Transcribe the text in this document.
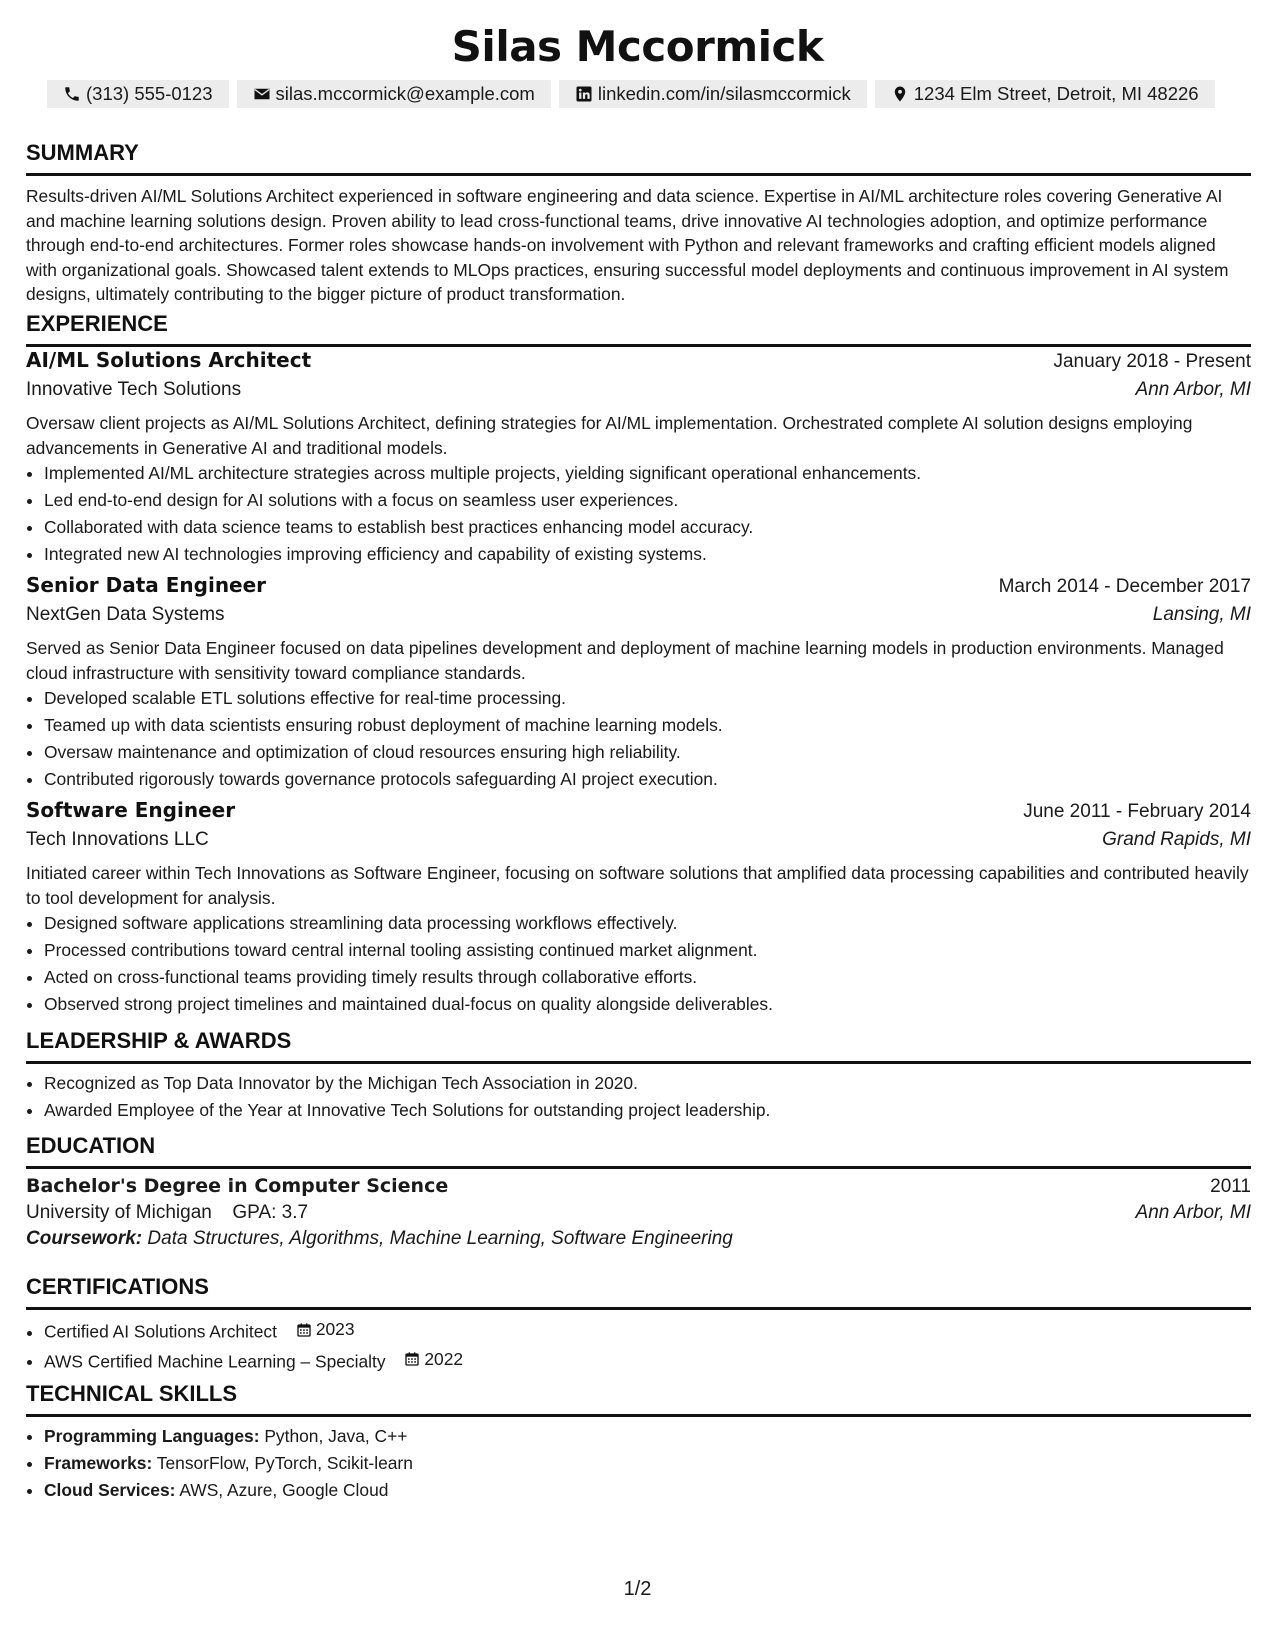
Silas Mccormick
(313) 555-0123	silas.mccormick@example.com	linkedin.com/in/silasmccormick	1234 Elm Street, Detroit, MI 48226
SUMMARY

Results-driven AI/ML Solutions Architect experienced in software engineering and data science. Expertise in AI/ML architecture roles covering Generative AI and machine learning solutions design. Proven ability to lead cross-functional teams, drive innovative AI technologies adoption, and optimize performance through end-to-end architectures. Former roles showcase hands-on involvement with Python and relevant frameworks and crafting efficient models aligned with organizational goals. Showcased talent extends to MLOps practices, ensuring successful model deployments and continuous improvement in AI system designs, ultimately contributing to the bigger picture of product transformation.

EXPERIENCE
AI/ML Solutions Architect	January 2018 - Present
Innovative Tech Solutions	Ann Arbor, MI

Oversaw client projects as AI/ML Solutions Architect, defining strategies for AI/ML implementation. Orchestrated complete AI solution designs employing advancements in Generative AI and traditional models.

• Implemented AI/ML architecture strategies across multiple projects, yielding significant operational enhancements.
• Led end-to-end design for AI solutions with a focus on seamless user experiences.
• Collaborated with data science teams to establish best practices enhancing model accuracy.
• Integrated new AI technologies improving efficiency and capability of existing systems.
Senior Data Engineer	March 2014 - December 2017
NextGen Data Systems	Lansing, MI

Served as Senior Data Engineer focused on data pipelines development and deployment of machine learning models in production environments. Managed cloud infrastructure with sensitivity toward compliance standards.

• Developed scalable ETL solutions effective for real-time processing.
• Teamed up with data scientists ensuring robust deployment of machine learning models.
• Oversaw maintenance and optimization of cloud resources ensuring high reliability.
• Contributed rigorously towards governance protocols safeguarding AI project execution.
Software Engineer	June 2011 - February 2014
Tech Innovations LLC	Grand Rapids, MI

Initiated career within Tech Innovations as Software Engineer, focusing on software solutions that amplified data processing capabilities and contributed heavily to tool development for analysis.

• Designed software applications streamlining data processing workflows effectively.
• Processed contributions toward central internal tooling assisting continued market alignment.
• Acted on cross-functional teams providing timely results through collaborative efforts.
• Observed strong project timelines and maintained dual-focus on quality alongside deliverables.
LEADERSHIP & AWARDS
• Recognized as Top Data Innovator by the Michigan Tech Association in 2020.
• Awarded Employee of the Year at Innovative Tech Solutions for outstanding project leadership.
EDUCATION
Bachelor's Degree in Computer Science	2011
University of Michigan GPA: 3.7	Ann Arbor, MI
Coursework: Data Structures, Algorithms, Machine Learning, Software Engineering
CERTIFICATIONS
• Certified AI Solutions Architect 2023
• AWS Certified Machine Learning – Specialty 2022
TECHNICAL SKILLS
• Programming Languages: Python, Java, C++
• Frameworks: TensorFlow, PyTorch, Scikit-learn
• Cloud Services: AWS, Azure, Google Cloud
1/2
